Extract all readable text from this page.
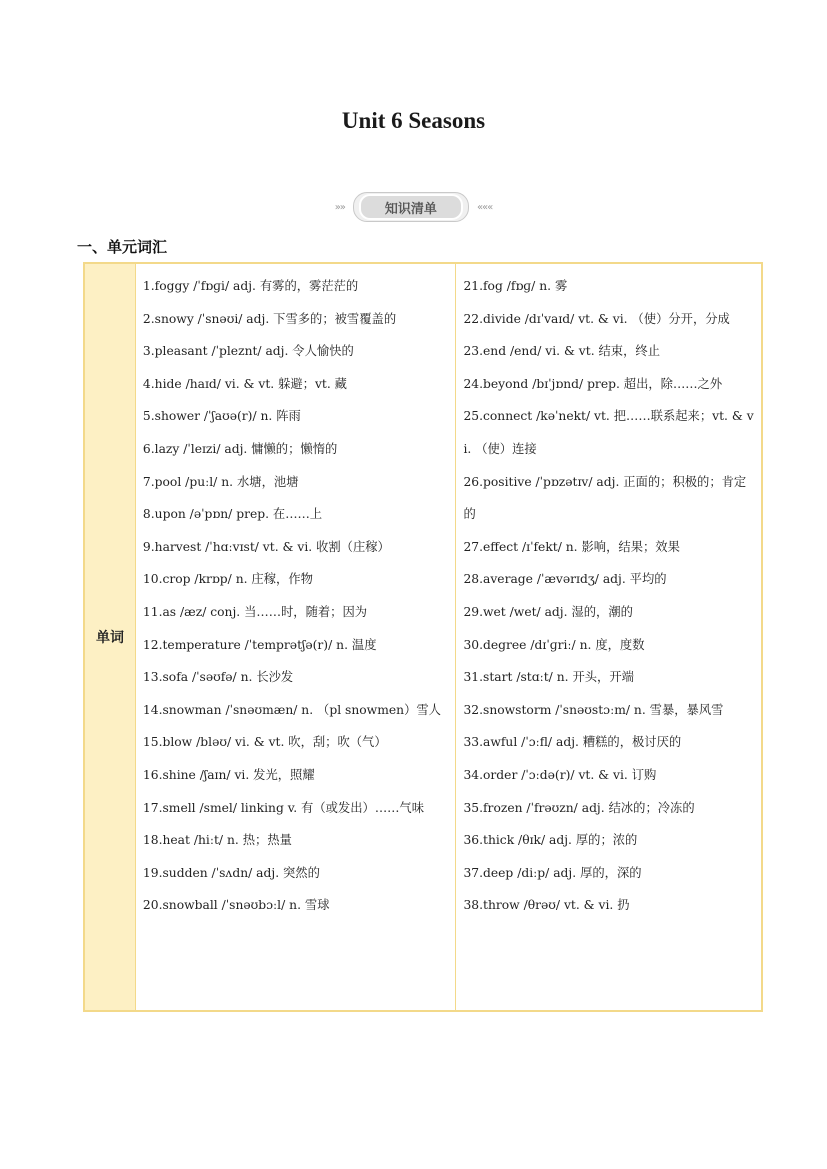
Unit 6 Seasons
»»	知识清单	«««
一、单元词汇
单词
1.foggy /ˈfɒɡi/ adj. 有雾的，雾茫茫的
2.snowy /ˈsnəʊi/ adj. 下雪多的；被雪覆盖的
3.pleasant /ˈpleznt/ adj. 令人愉快的
4.hide /haɪd/ vi. & vt. 躲避；vt. 藏
5.shower /ˈʃaʊə(r)/ n. 阵雨
6.lazy /ˈleɪzi/ adj. 慵懒的；懒惰的
7.pool /puːl/ n. 水塘，池塘
8.upon /əˈpɒn/ prep. 在……上
9.harvest /ˈhɑːvɪst/ vt. & vi. 收割（庄稼）
10.crop /krɒp/ n. 庄稼，作物
11.as /æz/ conj. 当……时，随着；因为
12.temperature /ˈtemprətʃə(r)/ n. 温度
13.sofa /ˈsəʊfə/ n. 长沙发
14.snowman /ˈsnəʊmæn/ n. （pl snowmen）雪人
15.blow /bləʊ/ vi. & vt. 吹，刮；吹（气）
16.shine /ʃaɪn/ vi. 发光，照耀
17.smell /smel/ linking v. 有（或发出）……气味
18.heat /hiːt/ n. 热；热量
19.sudden /ˈsʌdn/ adj. 突然的
20.snowball /ˈsnəʊbɔːl/ n. 雪球
21.fog /fɒɡ/ n. 雾
22.divide /dɪˈvaɪd/ vt. & vi. （使）分开，分成
23.end /end/ vi. & vt. 结束，终止
24.beyond /bɪˈjɒnd/ prep. 超出，除……之外
25.connect /kəˈnekt/ vt. 把……联系起来；vt. & vi. （使）连接
26.positive /ˈpɒzətɪv/ adj. 正面的；积极的；肯定的
27.effect /ɪˈfekt/ n. 影响，结果；效果
28.average /ˈævərɪdʒ/ adj. 平均的
29.wet /wet/ adj. 湿的，潮的
30.degree /dɪˈɡriː/ n. 度，度数
31.start /stɑːt/ n. 开头，开端
32.snowstorm /ˈsnəʊstɔːm/ n. 雪暴，暴风雪
33.awful /ˈɔːfl/ adj. 糟糕的，极讨厌的
34.order /ˈɔːdə(r)/ vt. & vi. 订购
35.frozen /ˈfrəʊzn/ adj. 结冰的；冷冻的
36.thick /θɪk/ adj. 厚的；浓的
37.deep /diːp/ adj. 厚的，深的
38.throw /θrəʊ/ vt. & vi. 扔
